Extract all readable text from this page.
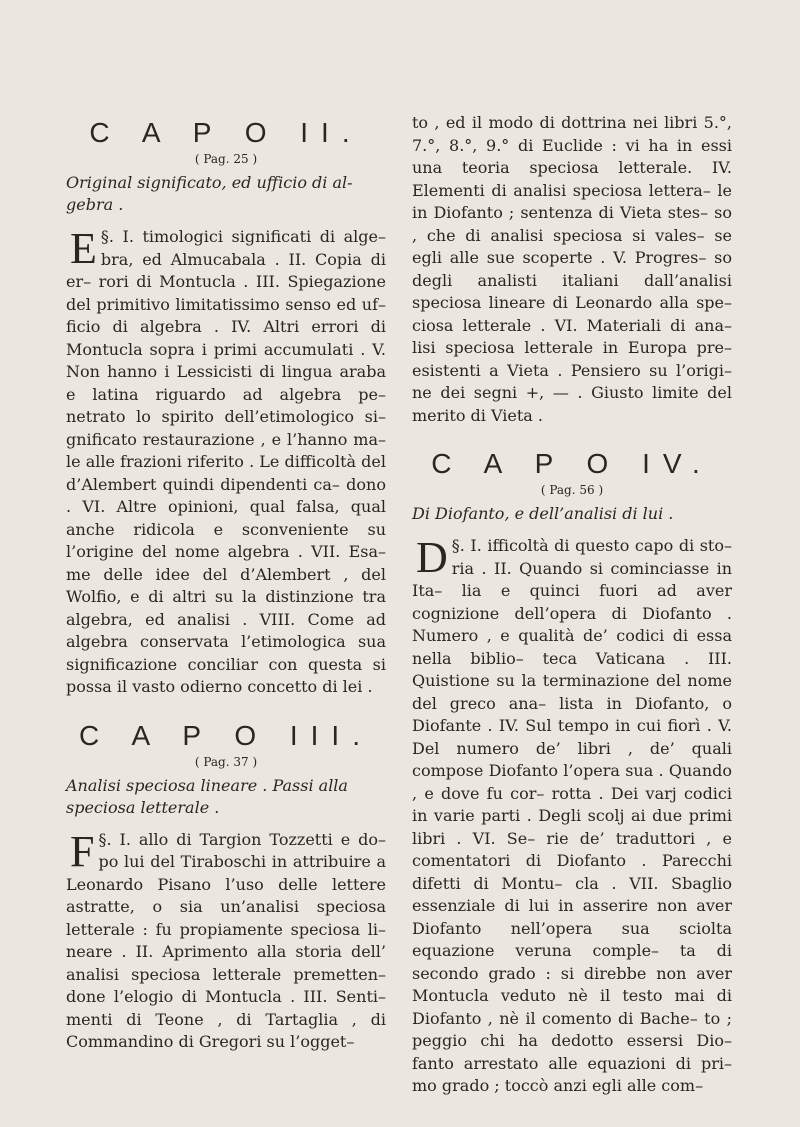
C A P O II.
( Pag. 25 )
Original significato, ed ufficio di al- gebra .

§. I.
E	timologici significati di alge– bra, ed Almucabala . II. Copia di er– rori di Montucla . III. Spiegazione del primitivo limitatissimo senso ed uf– ficio di algebra . IV. Altri errori di Montucla sopra i primi accumulati . V. Non hanno i Lessicisti di lingua araba e latina riguardo ad algebra pe– netrato lo spirito dell’etimologico si– gnificato restaurazione , e l’hanno ma– le alle frazioni riferito . Le difficoltà del d’Alembert quindi dipendenti ca– dono . VI. Altre opinioni, qual falsa, qual anche ridicola e sconveniente su l’origine del nome algebra . VII. Esa– me delle idee del d’Alembert , del Wolfio, e di altri su la distinzione tra algebra, ed analisi . VIII. Come ad algebra conservata l’etimologica sua significazione conciliar con questa si possa il vasto odierno concetto di lei .

C A P O III.
( Pag. 37 )
Analisi speciosa lineare . Passi alla speciosa letterale .

§. I.
F	allo di Targion Tozzetti e do– po lui del Tiraboschi in attribuire a Leonardo Pisano l’uso delle lettere astratte, o sia un’analisi speciosa letterale : fu propiamente speciosa li– neare . II. Aprimento alla storia dell’ analisi speciosa letterale premetten– done l’elogio di Montucla . III. Senti– menti di Teone , di Tartaglia , di Commandino di Gregori su l’ogget–

to , ed il modo di dottrina nei libri 5.°, 7.°, 8.°, 9.° di Euclide : vi ha in essi una teoria speciosa letterale. IV. Elementi di analisi speciosa lettera– le in Diofanto ; sentenza di Vieta stes– so , che di analisi speciosa si vales– se egli alle sue scoperte . V. Progres– so degli analisti italiani dall’analisi speciosa lineare di Leonardo alla spe– ciosa letterale . VI. Materiali di ana– lisi speciosa letterale in Europa pre– esistenti a Vieta . Pensiero su l’origi– ne dei segni +, — . Giusto limite del merito di Vieta .

C A P O IV.
( Pag. 56 )
Di Diofanto, e dell’analisi di lui .

§. I.
D ifficoltà di questo capo di sto– ria . II. Quando si cominciasse in Ita– lia e quinci fuori ad aver cognizione dell’opera di Diofanto . Numero , e qualità de’ codici di essa nella biblio– teca Vaticana . III. Quistione su la terminazione del nome del greco ana– lista in Diofanto, o Diofante . IV. Sul tempo in cui fiorì . V. Del numero de’ libri , de’ quali compose Diofanto l’opera sua . Quando , e dove fu cor– rotta . Dei varj codici in varie parti . Degli scolj ai due primi libri . VI. Se– rie de’ traduttori , e comentatori di Diofanto . Parecchi difetti di Montu– cla . VII. Sbaglio essenziale di lui in asserire non aver Diofanto nell’opera sua sciolta equazione veruna comple– ta di secondo grado : si direbbe non aver Montucla veduto nè il testo mai di Diofanto , nè il comento di Bache– to ; peggio chi ha dedotto essersi Dio– fanto arrestato alle equazioni di pri– mo grado ; toccò anzi egli alle com–
